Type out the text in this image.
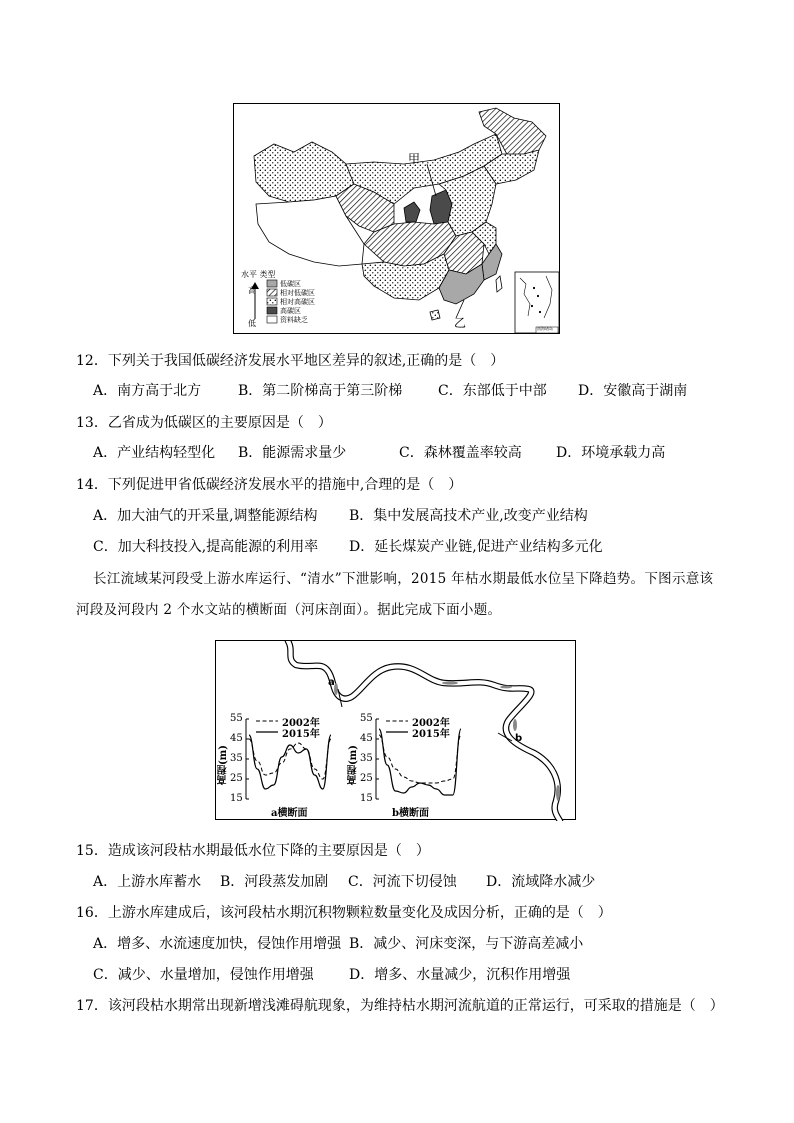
甲
乙
水平 类型
高
低
低碳区
相对低碳区
相对高碳区
高碳区
资料缺乏
南海诸岛
12．下列关于我国低碳经济发展水平地区差异的叙述,正确的是（　）
A．南方高于北方	B．第二阶梯高于第三阶梯	C．东部低于中部 D．安徽高于湖南
13．乙省成为低碳区的主要原因是（　）
A．产业结构轻型化 B．能源需求量少	C．森林覆盖率较高 D．环境承载力高
14．下列促进甲省低碳经济发展水平的措施中,合理的是（　）
A．加大油气的开采量,调整能源结构 B．集中发展高技术产业,改变产业结构
C．加大科技投入,提高能源的利用率 D．延长煤炭产业链,促进产业结构多元化
长江流域某河段受上游水库运行、“清水”下泄影响，2015 年枯水期最低水位呈下降趋势。下图示意该
河段及河段内 2 个水文站的横断面（河床剖面）。据此完成下面小题。
a
b
55
45
35
25
15
高程(m)
2002年
2015年
a横断面
55
45
35
25
15
高程(m)
2002年
2015年
b横断面
15．造成该河段枯水期最低水位下降的主要原因是（　）
A．上游水库蓄水 B．河段蒸发加剧 C．河流下切侵蚀 D．流域降水减少
16．上游水库建成后，该河段枯水期沉积物颗粒数量变化及成因分析，正确的是（　）
A．增多、水流速度加快，侵蚀作用增强 B．减少、河床变深，与下游高差减小
C．减少、水量增加，侵蚀作用增强	D．增多、水量减少，沉积作用增强
17．该河段枯水期常出现新增浅滩碍航现象，为维持枯水期河流航道的正常运行，可采取的措施是（　）
